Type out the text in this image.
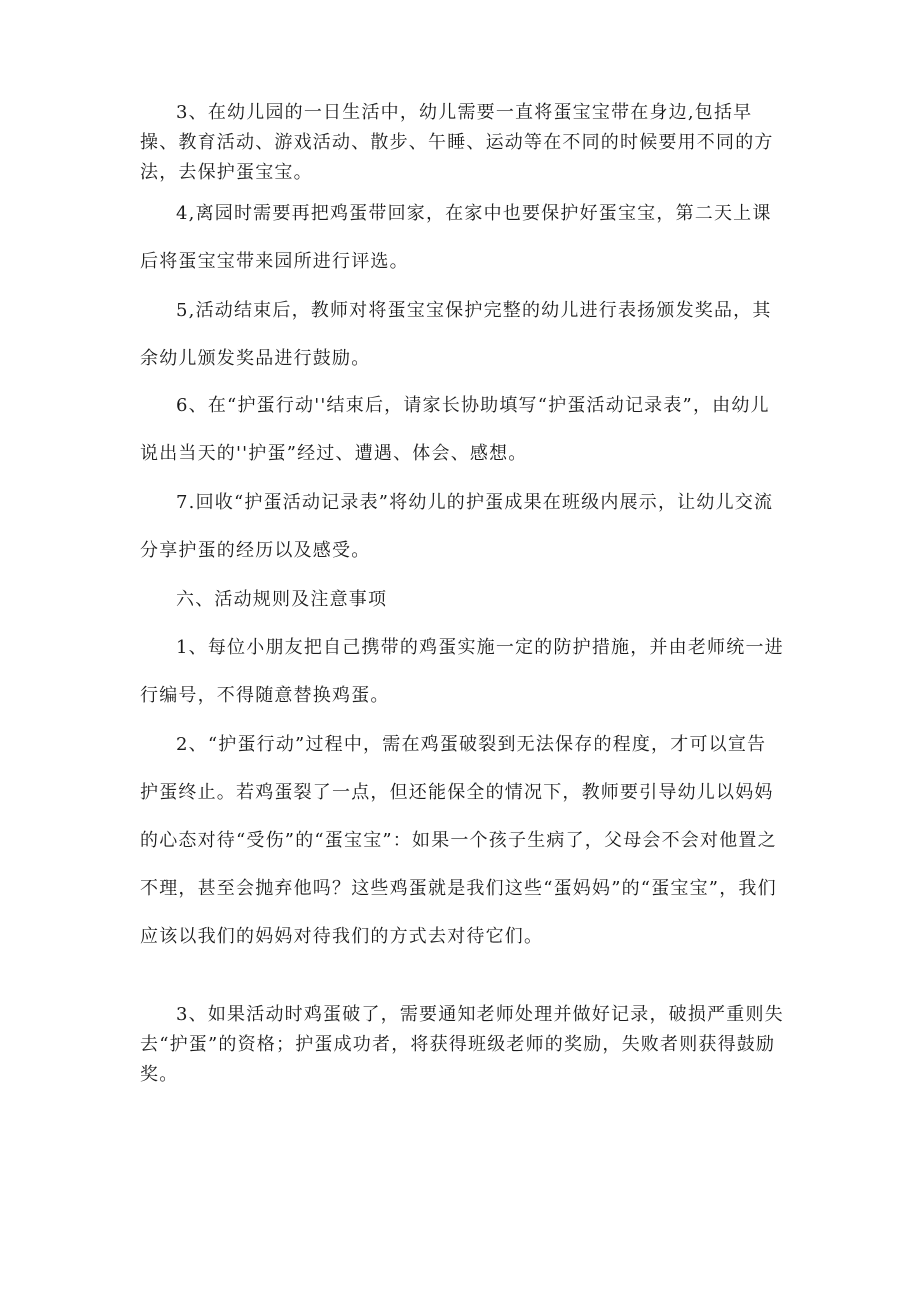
3、在幼儿园的一日生活中，幼儿需要一直将蛋宝宝带在身边,包括早操、教育活动、游戏活动、散步、午睡、运动等在不同的时候要用不同的方法，去保护蛋宝宝。

4,离园时需要再把鸡蛋带回家，在家中也要保护好蛋宝宝，第二天上课后将蛋宝宝带来园所进行评选。

5,活动结束后，教师对将蛋宝宝保护完整的幼儿进行表扬颁发奖品，其余幼儿颁发奖品进行鼓励。

6、在“护蛋行动''结束后，请家长协助填写“护蛋活动记录表”，由幼儿说出当天的''护蛋”经过、遭遇、体会、感想。

7.回收“护蛋活动记录表”将幼儿的护蛋成果在班级内展示，让幼儿交流分享护蛋的经历以及感受。

六、活动规则及注意事项

1、每位小朋友把自己携带的鸡蛋实施一定的防护措施，并由老师统一进行编号，不得随意替换鸡蛋。

2、“护蛋行动”过程中，需在鸡蛋破裂到无法保存的程度，才可以宣告护蛋终止。若鸡蛋裂了一点，但还能保全的情况下，教师要引导幼儿以妈妈的心态对待“受伤”的“蛋宝宝”：如果一个孩子生病了，父母会不会对他置之不理，甚至会抛弃他吗？这些鸡蛋就是我们这些“蛋妈妈”的“蛋宝宝”，我们应该以我们的妈妈对待我们的方式去对待它们。

3、如果活动时鸡蛋破了，需要通知老师处理并做好记录，破损严重则失去“护蛋”的资格；护蛋成功者，将获得班级老师的奖励，失败者则获得鼓励奖。
